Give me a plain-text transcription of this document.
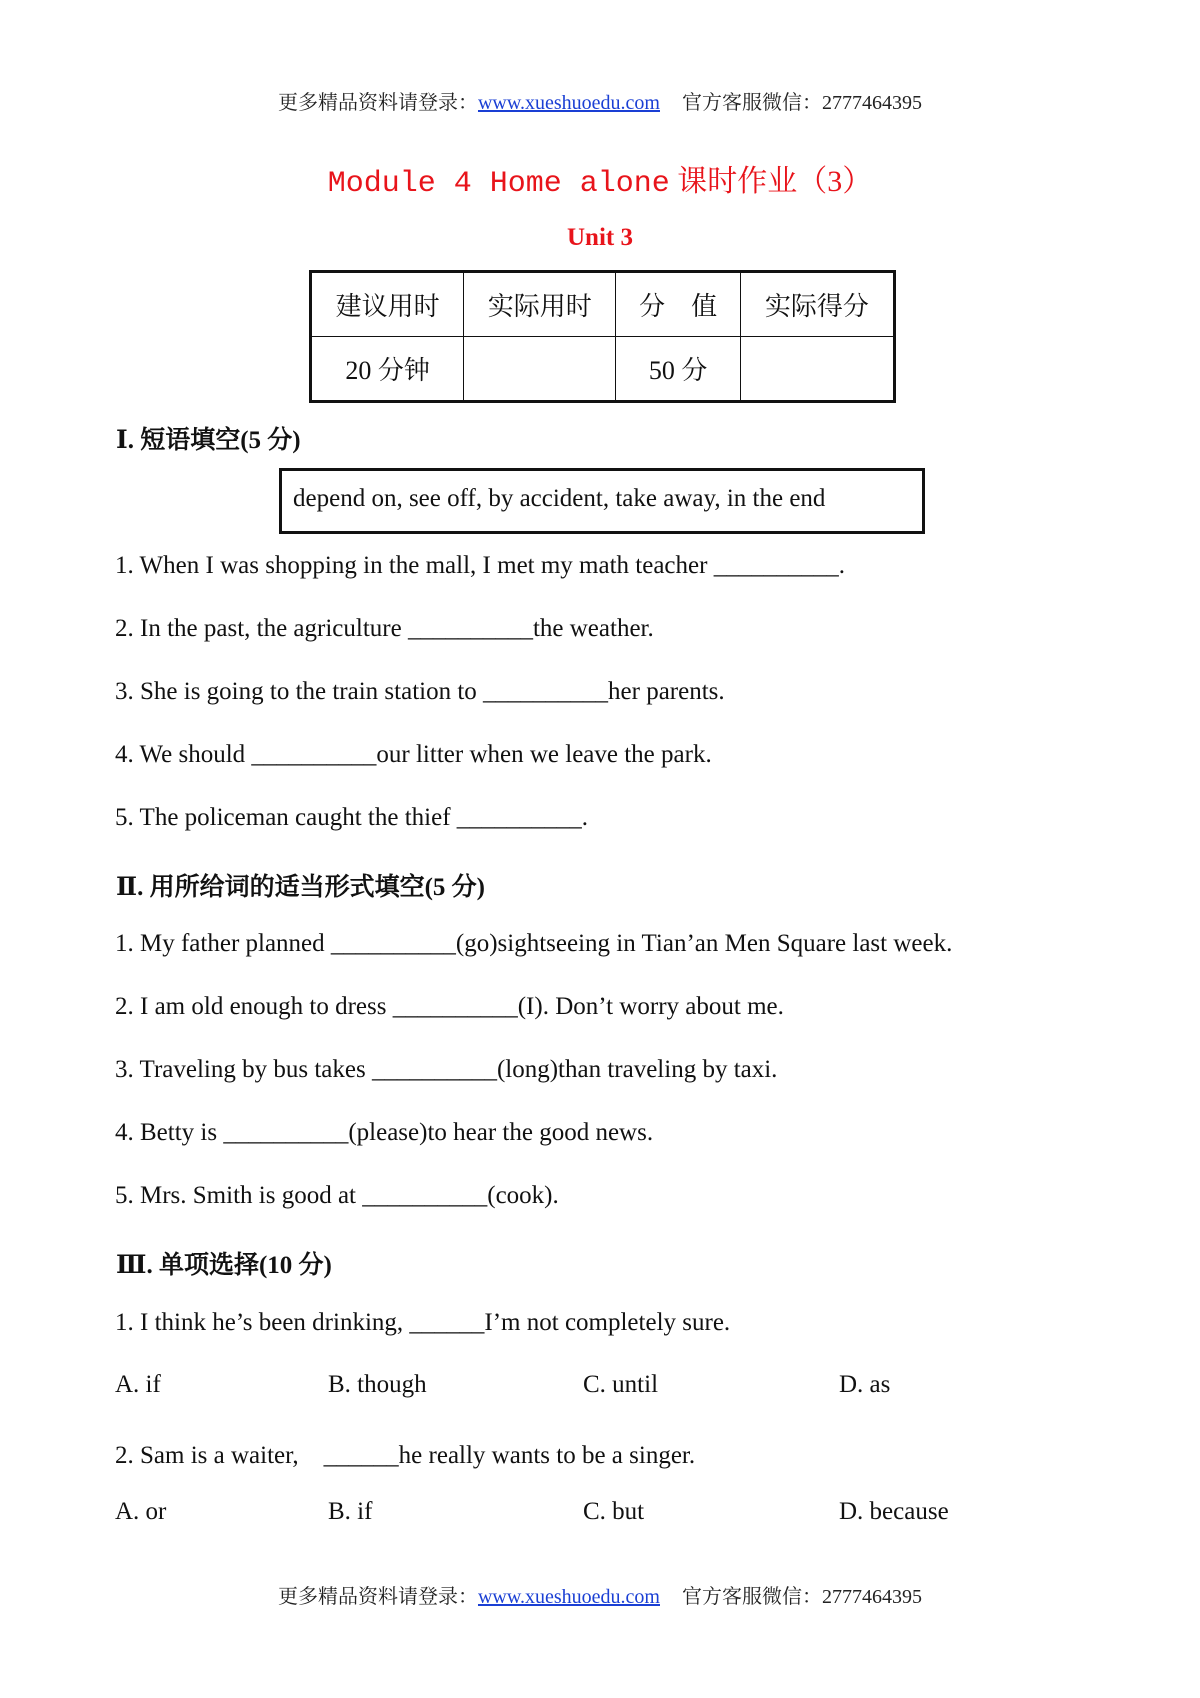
更多精品资料请登录：www.xueshuoedu.com 官方客服微信：2777464395
Module 4 Home alone 课时作业（3）
Unit 3
建议用时	实际用时	分　值	实际得分
20 分钟		50 分	
Ⅰ. 短语填空(5 分)
depend on, see off, by accident, take away, in the end
1. When I was shopping in the mall, I met my math teacher __________.
2. In the past, the agriculture __________the weather.
3. She is going to the train station to __________her parents.
4. We should __________our litter when we leave the park.
5. The policeman caught the thief __________.
Ⅱ. 用所给词的适当形式填空(5 分)
1. My father planned __________(go)sightseeing in Tian’an Men Square last week.
2. I am old enough to dress __________(I). Don’t worry about me.
3. Traveling by bus takes __________(long)than traveling by taxi.
4. Betty is __________(please)to hear the good news.
5. Mrs. Smith is good at __________(cook).
Ⅲ. 单项选择(10 分)
1. I think he’s been drinking, ______I’m not completely sure.
A. if	B. though	C. until	D. as
2. Sam is a waiter,　______he really wants to be a singer.
A. or	B. if	C. but	D. because
更多精品资料请登录：www.xueshuoedu.com 官方客服微信：2777464395
